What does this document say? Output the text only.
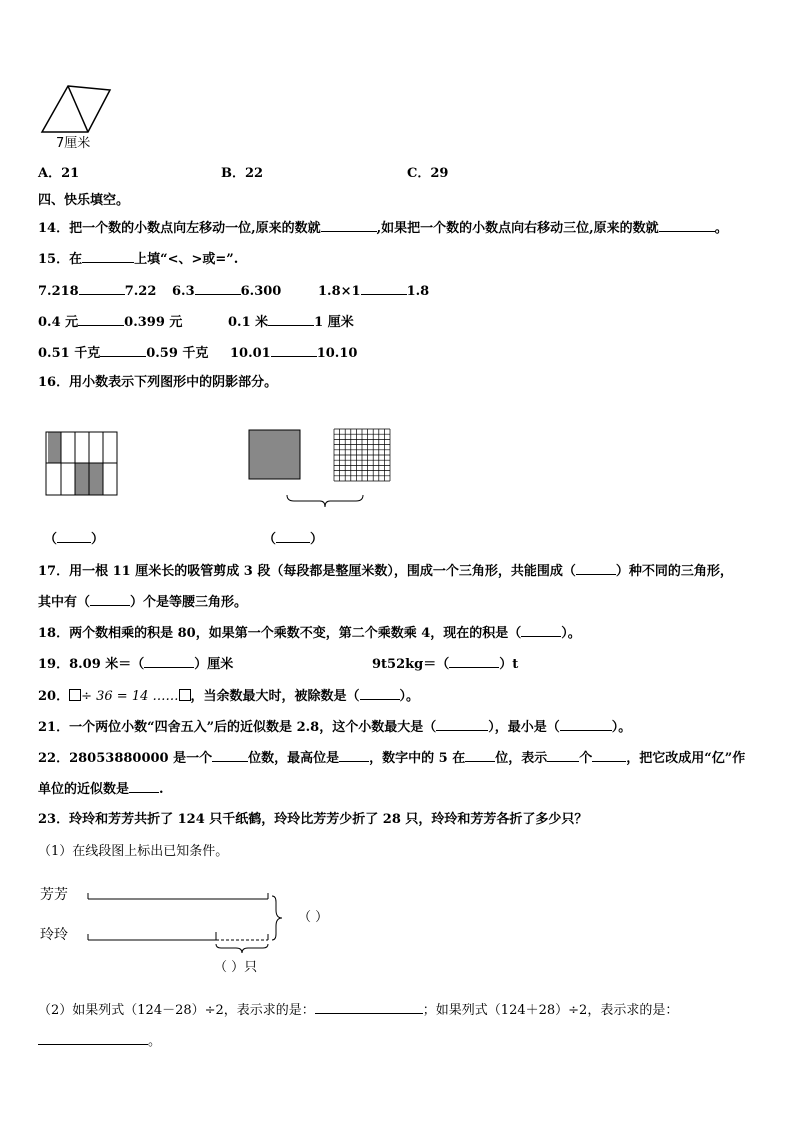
7厘米
A．21	B．22	C．29
四、快乐填空。
14．把一个数的小数点向左移动一位,原来的数就	,如果把一个数的小数点向右移动三位,原来的数就	。
15．在	上填“<、>或=”.
7.218	7.22 6.3	6.300	1.8×1	1.8
0.4 元	0.399 元	0.1 米	1 厘米
0.51 千克	0.59 千克 10.01	10.10
16．用小数表示下列图形中的阴影部分。
（	）	（	）
17．用一根 11 厘米长的吸管剪成 3 段（每段都是整厘米数），围成一个三角形，共能围成（	）种不同的三角形，
其中有（	）个是等腰三角形。
18．两个数相乘的积是 80，如果第一个乘数不变，第二个乘数乘 4，现在的积是（	）。
19．8.09 米＝（	）厘米	9t52kg＝（	）t
20． ÷ 36 = 14 …… ，当余数最大时，被除数是（	）。
21．一个两位小数“四舍五入”后的近似数是 2.8，这个小数最大是（	），最小是（	）。
22．28053880000 是一个	位数，最高位是 ，数字中的 5 在 位，表示 个	，把它改成用“亿”作
单位的近似数是 .
23．玲玲和芳芳共折了 124 只千纸鹤，玲玲比芳芳少折了 28 只，玲玲和芳芳各折了多少只？
（1）在线段图上标出已知条件。
芳芳
玲玲
（ ）
（ ）只
（2）如果列式（124－28）÷2，表示求的是：	；如果列式（124＋28）÷2，表示求的是：
。
